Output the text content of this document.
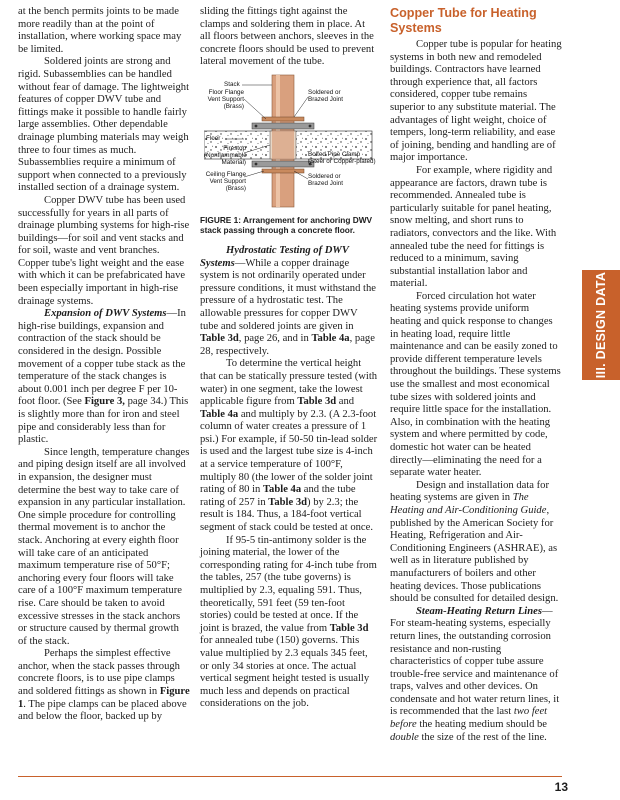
at the bench permits joints to be made more readily than at the point of installation, where working space may be limited.

Soldered joints are strong and rigid. Subassemblies can be handled without fear of damage. The lightweight features of copper DWV tube and fittings make it possible to handle fairly large assemblies. Other dependable drainage plumbing materials may weigh three to four times as much. Subassemblies require a minimum of support when connected to a previously installed section of a drainage system.

Copper DWV tube has been used successfully for years in all parts of drainage plumbing systems for high-rise buildings—for soil and vent stacks and for soil, waste and vent branches. Copper tube's light weight and the ease with which it can be prefabricated have been especially important in high-rise drainage systems.

Expansion of DWV Systems—In high-rise buildings, expansion and contraction of the stack should be considered in the design. Possible movement of a copper tube stack as the temperature of the stack changes is about 0.001 inch per degree F per 10-foot floor. (See Figure 3, page 34.) This is slightly more than for iron and steel pipe and considerably less than for plastic.

Since length, temperature changes and piping design itself are all involved in expansion, the designer must determine the best way to take care of expansion in any particular installation. One simple procedure for controlling thermal movement is to anchor the stack. Anchoring at every eighth floor will take care of an anticipated maximum temperature rise of 50°F; anchoring every four floors will take care of a 100°F maximum temperature rise. Care should be taken to avoid excessive stresses in the stack anchors or structure caused by thermal growth of the stack.

Perhaps the simplest effective anchor, when the stack passes through concrete floors, is to use pipe clamps and soldered fittings as shown in Figure 1. The pipe clamps can be placed above and below the floor, backed up by

sliding the fittings tight against the clamps and soldering them in place. At all floors between anchors, sleeves in the concrete floors should be used to prevent lateral movement of the tube.

Stack
Floor Flange
Vent Support
(Brass)
Soldered or
Brazed Joint
Floor
Firestop
(Nonflammable
Material)
Bolted Pipe Clamp
(Steel or Copper-plated)
Ceiling Flange
Vent Support
(Brass)
Soldered or
Brazed Joint
FIGURE 1: Arrangement for anchoring DWV stack passing through a concrete floor.

Hydrostatic Testing of DWV Systems—While a copper drainage system is not ordinarily operated under pressure conditions, it must withstand the pressure of a hydrostatic test. The allowable pressures for copper DWV tube and soldered joints are given in Table 3d, page 26, and in Table 4a, page 28, respectively.

To determine the vertical height that can be statically pressure tested (with water) in one segment, take the lowest applicable figure from Table 3d and Table 4a and multiply by 2.3. (A 2.3-foot column of water creates a pressure of 1 psi.) For example, if 50-50 tin-lead solder is used and the largest tube size is 4-inch at a service temperature of 100°F, multiply 80 (the lower of the solder joint rating of 80 in Table 4a and the tube rating of 257 in Table 3d) by 2.3; the result is 184. Thus, a 184-foot vertical segment of stack could be tested at once.

If 95-5 tin-antimony solder is the joining material, the lower of the corresponding rating for 4-inch tube from the tables, 257 (the tube governs) is multiplied by 2.3, equaling 591. Thus, theoretically, 591 feet (59 ten-foot stories) could be tested at once. If the joint is brazed, the value from Table 3d for annealed tube (150) governs. This value multiplied by 2.3 equals 345 feet, or only 34 stories at once. The actual vertical segment height tested is usually much less and depends on practical considerations on the job.

Copper Tube for Heating Systems

Copper tube is popular for heating systems in both new and remodeled buildings. Contractors have learned through experience that, all factors considered, copper tube remains superior to any substitute material. The advantages of light weight, choice of tempers, long-term reliability, and ease of joining, bending and handling are of major importance.

For example, where rigidity and appearance are factors, drawn tube is recommended. Annealed tube is particularly suitable for panel heating, snow melting, and short runs to radiators, convectors and the like. With annealed tube the need for fittings is reduced to a minimum, saving substantial installation labor and material.

Forced circulation hot water heating systems provide uniform heating and quick response to changes in heating load, require little maintenance and can be easily zoned to provide different temperature levels throughout the buildings. These systems use the smallest and most economical tube sizes with soldered joints and require little space for the installation. Also, in combination with the heating system and where permitted by code, domestic hot water can be heated directly—eliminating the need for a separate water heater.

Design and installation data for heating systems are given in The Heating and Air-Conditioning Guide, published by the American Society for Heating, Refrigeration and Air-Conditioning Engineers (ASHRAE), as well as in literature published by manufacturers of boilers and other heating devices. Those publications should be consulted for detailed design.

Steam-Heating Return Lines—For steam-heating systems, especially return lines, the outstanding corrosion resistance and non-rusting characteristics of copper tube assure trouble-free service and maintenance of traps, valves and other devices. On condensate and hot water return lines, it is recommended that the last two feet before the heating medium should be double the size of the rest of the line.

III. DESIGN DATA
13
